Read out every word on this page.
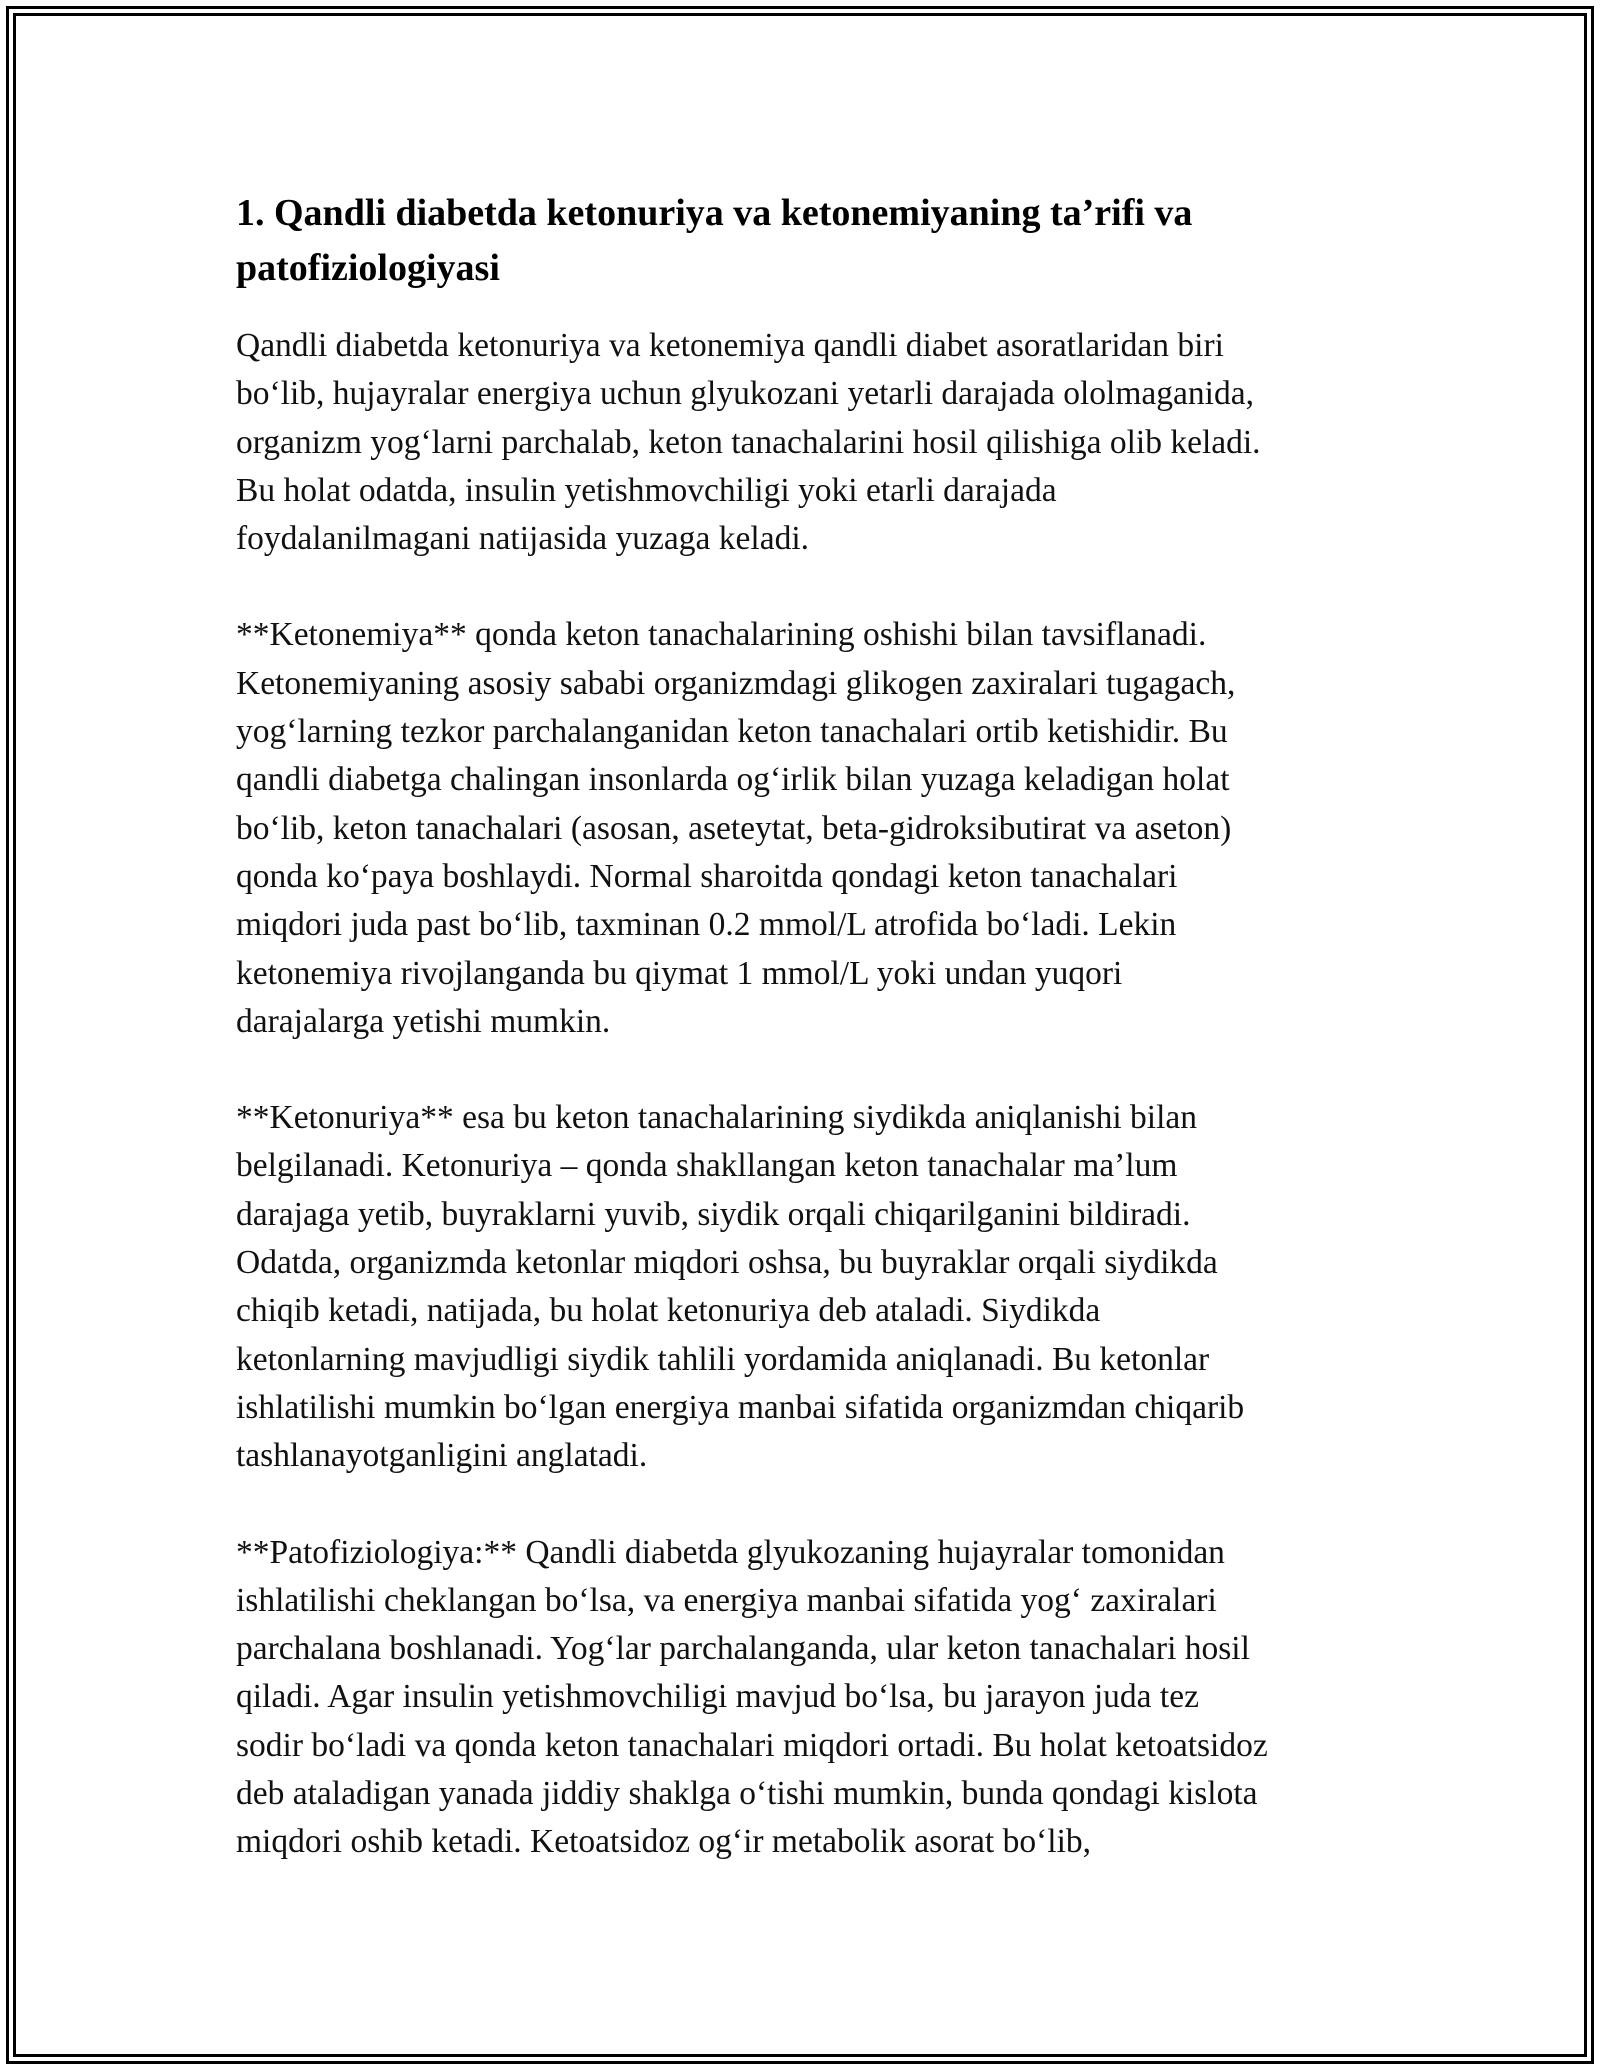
1. Qandli diabetda ketonuriya va ketonemiyaning ta’rifi va
patofiziologiyasi

Qandli diabetda ketonuriya va ketonemiya qandli diabet asoratlaridan biri
bo‘lib, hujayralar energiya uchun glyukozani yetarli darajada ololmaganida,
organizm yog‘larni parchalab, keton tanachalarini hosil qilishiga olib keladi.
Bu holat odatda, insulin yetishmovchiligi yoki etarli darajada
foydalanilmagani natijasida yuzaga keladi.

**Ketonemiya** qonda keton tanachalarining oshishi bilan tavsiflanadi.
Ketonemiyaning asosiy sababi organizmdagi glikogen zaxiralari tugagach,
yog‘larning tezkor parchalanganidan keton tanachalari ortib ketishidir. Bu
qandli diabetga chalingan insonlarda og‘irlik bilan yuzaga keladigan holat
bo‘lib, keton tanachalari (asosan, aseteytat, beta-gidroksibutirat va aseton)
qonda ko‘paya boshlaydi. Normal sharoitda qondagi keton tanachalari
miqdori juda past bo‘lib, taxminan 0.2 mmol/L atrofida bo‘ladi. Lekin
ketonemiya rivojlanganda bu qiymat 1 mmol/L yoki undan yuqori
darajalarga yetishi mumkin.

**Ketonuriya** esa bu keton tanachalarining siydikda aniqlanishi bilan
belgilanadi. Ketonuriya – qonda shakllangan keton tanachalar ma’lum
darajaga yetib, buyraklarni yuvib, siydik orqali chiqarilganini bildiradi.
Odatda, organizmda ketonlar miqdori oshsa, bu buyraklar orqali siydikda
chiqib ketadi, natijada, bu holat ketonuriya deb ataladi. Siydikda
ketonlarning mavjudligi siydik tahlili yordamida aniqlanadi. Bu ketonlar
ishlatilishi mumkin bo‘lgan energiya manbai sifatida organizmdan chiqarib
tashlanayotganligini anglatadi.

**Patofiziologiya:** Qandli diabetda glyukozaning hujayralar tomonidan
ishlatilishi cheklangan bo‘lsa, va energiya manbai sifatida yog‘ zaxiralari
parchalana boshlanadi. Yog‘lar parchalanganda, ular keton tanachalari hosil
qiladi. Agar insulin yetishmovchiligi mavjud bo‘lsa, bu jarayon juda tez
sodir bo‘ladi va qonda keton tanachalari miqdori ortadi. Bu holat ketoatsidoz
deb ataladigan yanada jiddiy shaklga o‘tishi mumkin, bunda qondagi kislota
miqdori oshib ketadi. Ketoatsidoz og‘ir metabolik asorat bo‘lib,
